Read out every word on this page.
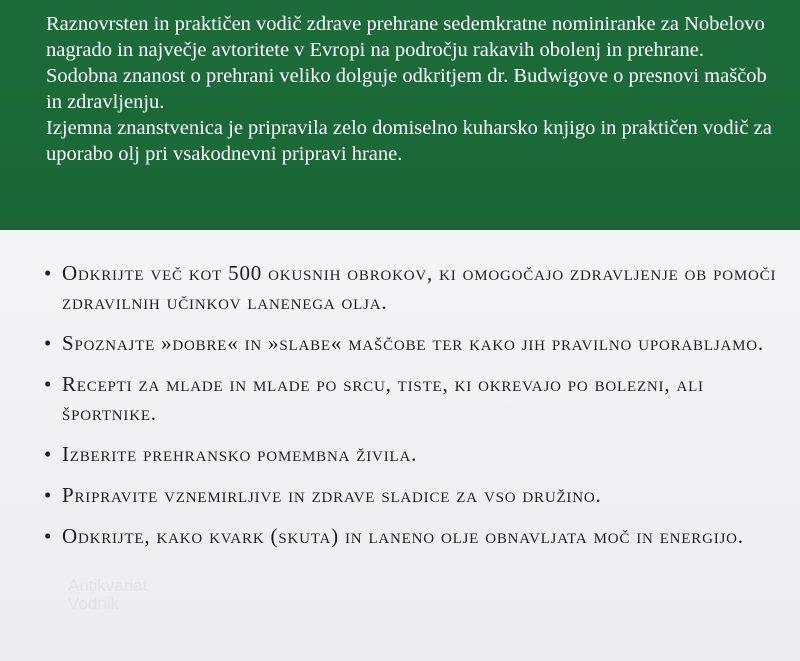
Raznovrsten in praktičen vodič zdrave prehrane sedemkratne nominiranke za Nobelovo nagrado in največje avtoritete v Evropi na področju rakavih obolenj in prehrane.

Sodobna znanost o prehrani veliko dolguje odkritjem dr. Budwigove o presnovi maščob in zdravljenju.

Izjemna znanstvenica je pripravila zelo domiselno kuharsko knjigo in praktičen vodič za uporabo olj pri vsakodnevni pripravi hrane.

• Odkrijte več kot 500 okusnih obrokov, ki omogočajo zdravljenje ob pomoči zdravilnih učinkov lanenega olja.
• Spoznajte »dobre« in »slabe« maščobe ter kako jih pravilno uporabljamo.
• Recepti za mlade in mlade po srcu, tiste, ki okrevajo po bolezni, ali športnike.
• Izberite prehransko pomembna živila.
• Pripravite vznemirljive in zdrave sladice za vso družino.
• Odkrijte, kako kvark (skuta) in laneno olje obnavljata moč in energijo.
Antikvariat
Vodnik
